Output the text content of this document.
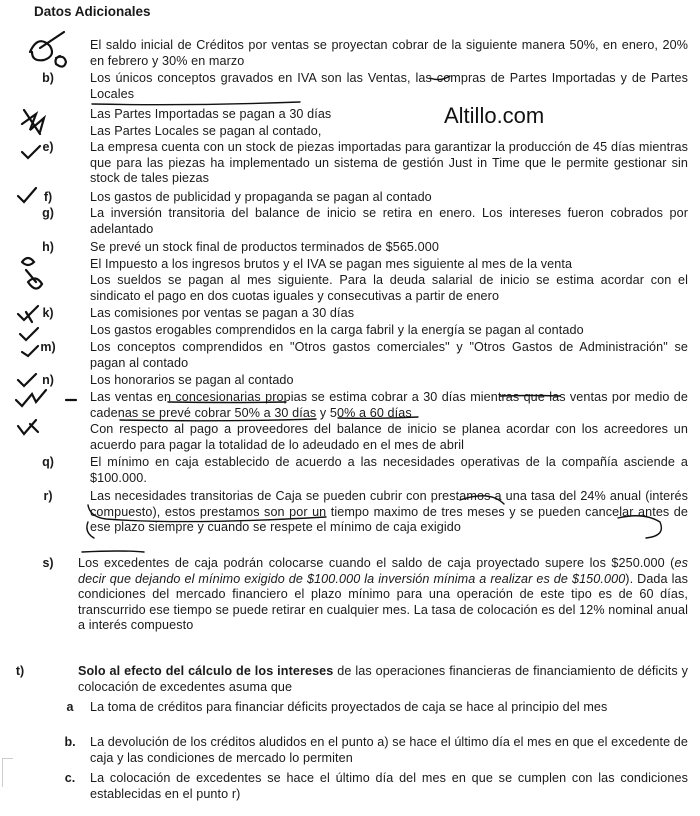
Datos Adicionales
Altillo.com
El saldo inicial de Créditos por ventas se proyectan cobrar de la siguiente manera 50%, en enero, 20% en febrero y 30% en marzo
b)	Los únicos conceptos gravados en IVA son las Ventas, las compras de Partes Importadas y de Partes Locales
Las Partes Importadas se pagan a 30 días
Las Partes Locales se pagan al contado,
e)	La empresa cuenta con un stock de piezas importadas para garantizar la producción de 45 días mientras que para las piezas ha implementado un sistema de gestión Just in Time que le permite gestionar sin stock de tales piezas
f)	Los gastos de publicidad y propaganda se pagan al contado
g)	La inversión transitoria del balance de inicio se retira en enero. Los intereses fueron cobrados por adelantado
h)	Se prevé un stock final de productos terminados de $565.000
El Impuesto a los ingresos brutos y el IVA se pagan mes siguiente al mes de la venta
Los sueldos se pagan al mes siguiente. Para la deuda salarial de inicio se estima acordar con el sindicato el pago en dos cuotas iguales y consecutivas a partir de enero
k)	Las comisiones por ventas se pagan a 30 días
Los gastos erogables comprendidos en la carga fabril y la energía se pagan al contado
m)	Los conceptos comprendidos en "Otros gastos comerciales" y "Otros Gastos de Administración" se pagan al contado
n)	Los honorarios se pagan al contado
Las ventas en concesionarias propias se estima cobrar a 30 días mientras que las ventas por medio de cadenas se prevé cobrar 50% a 30 días y 50% a 60 días
Con respecto al pago a proveedores del balance de inicio se planea acordar con los acreedores un acuerdo para pagar la totalidad de lo adeudado en el mes de abril
q)	El mínimo en caja establecido de acuerdo a las necesidades operativas de la compañía asciende a $100.000.
r)	Las necesidades transitorias de Caja se pueden cubrir con prestamos a una tasa del 24% anual (interés compuesto), estos prestamos son por un tiempo maximo de tres meses y se pueden cancelar antes de ese plazo siempre y cuando se respete el mínimo de caja exigido
s)	Los excedentes de caja podrán colocarse cuando el saldo de caja proyectado supere los $250.000 (es decir que dejando el mínimo exigido de $100.000 la inversión mínima a realizar es de $150.000). Dada las condiciones del mercado financiero el plazo mínimo para una operación de este tipo es de 60 días, transcurrido ese tiempo se puede retirar en cualquier mes. La tasa de colocación es del 12% nominal anual a interés compuesto
t)	Solo al efecto del cálculo de los intereses de las operaciones financieras de financiamiento de déficits y colocación de excedentes asuma que
a	La toma de créditos para financiar déficits proyectados de caja se hace al principio del mes
b.	La devolución de los créditos aludidos en el punto a) se hace el último día el mes en que el excedente de caja y las condiciones de mercado lo permiten
c.	La colocación de excedentes se hace el último día del mes en que se cumplen con las condiciones establecidas en el punto r)
